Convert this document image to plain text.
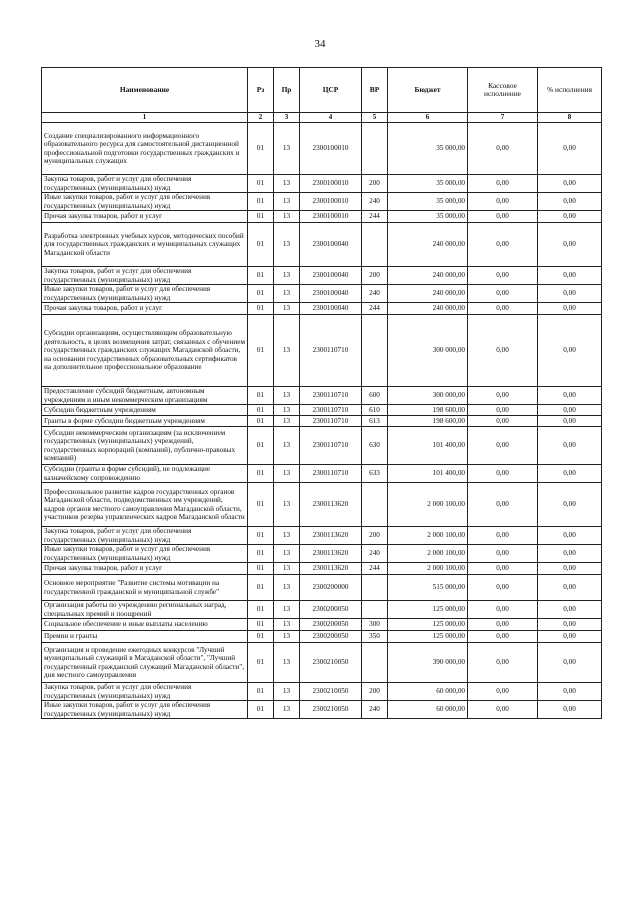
34
Наименование	Рз	Пр	ЦСР	ВР	Бюджет	Кассовое исполнение	% исполнения
1	2	3	4	5	6	7	8
Создание специализированного информационного образовательного ресурса для самостоятельной дистанционной профессиональной подготовки государственных гражданских и муниципальных служащих	01	13	2300100010		35 000,00	0,00	0,00
Закупка товаров, работ и услуг для обеспечения государственных (муниципальных) нужд	01	13	2300100010	200	35 000,00	0,00	0,00
Иные закупки товаров, работ и услуг для обеспечения государственных (муниципальных) нужд	01	13	2300100010	240	35 000,00	0,00	0,00
Прочая закупка товаров, работ и услуг	01	13	2300100010	244	35 000,00	0,00	0,00
Разработка электронных учебных курсов, методических пособий для государственных гражданских и муниципальных служащих Магаданской области	01	13	2300100040		240 000,00	0,00	0,00
Закупка товаров, работ и услуг для обеспечения государственных (муниципальных) нужд	01	13	2300100040	200	240 000,00	0,00	0,00
Иные закупки товаров, работ и услуг для обеспечения государственных (муниципальных) нужд	01	13	2300100040	240	240 000,00	0,00	0,00
Прочая закупка товаров, работ и услуг	01	13	2300100040	244	240 000,00	0,00	0,00
Субсидии организациям, осуществляющим образовательную деятельность, в целях возмещения затрат, связанных с обучением государственных гражданских служащих Магаданской области, на основании государственных образовательных сертификатов на дополнительное профессиональное образование	01	13	2300110710		300 000,00	0,00	0,00
Предоставление субсидий бюджетным, автономным учреждениям и иным некоммерческим организациям	01	13	2300110710	600	300 000,00	0,00	0,00
Субсидии бюджетным учреждениям	01	13	2300110710	610	198 600,00	0,00	0,00
Гранты в форме субсидии бюджетным учреждениям	01	13	2300110710	613	198 600,00	0,00	0,00
Субсидии некоммерческим организациям (за исключением государственных (муниципальных) учреждений, государственных корпораций (компаний), публично-правовых компаний)	01	13	2300110710	630	101 400,00	0,00	0,00
Субсидии (гранты в форме субсидий), не подлежащие казначейскому сопровождению	01	13	2300110710	633	101 400,00	0,00	0,00
Профессиональное развитие кадров государственных органов Магаданской области, подведомственных им учреждений, кадров органов местного самоуправления Магаданской области, участников резерва управленческих кадров Магаданской области	01	13	2300113620		2 000 100,00	0,00	0,00
Закупка товаров, работ и услуг для обеспечения государственных (муниципальных) нужд	01	13	2300113620	200	2 000 100,00	0,00	0,00
Иные закупки товаров, работ и услуг для обеспечения государственных (муниципальных) нужд	01	13	2300113620	240	2 000 100,00	0,00	0,00
Прочая закупка товаров, работ и услуг	01	13	2300113620	244	2 000 100,00	0,00	0,00
Основное мероприятие "Развитие системы мотивации на государственной гражданской и муниципальной службе"	01	13	2300200000		515 000,00	0,00	0,00
Организация работы по учреждению региональных наград, специальных премий и поощрений	01	13	2300200050		125 000,00	0,00	0,00
Социальное обеспечение и иные выплаты населению	01	13	2300200050	300	125 000,00	0,00	0,00
Премии и гранты	01	13	2300200050	350	125 000,00	0,00	0,00
Организация и проведение ежегодных конкурсов "Лучший муниципальный служащий в Магаданской области", "Лучший государственный гражданский служащий Магаданской области", дня местного самоуправления	01	13	2300210050		390 000,00	0,00	0,00
Закупка товаров, работ и услуг для обеспечения государственных (муниципальных) нужд	01	13	2300210050	200	60 000,00	0,00	0,00
Иные закупки товаров, работ и услуг для обеспечения государственных (муниципальных) нужд	01	13	2300210050	240	60 000,00	0,00	0,00
